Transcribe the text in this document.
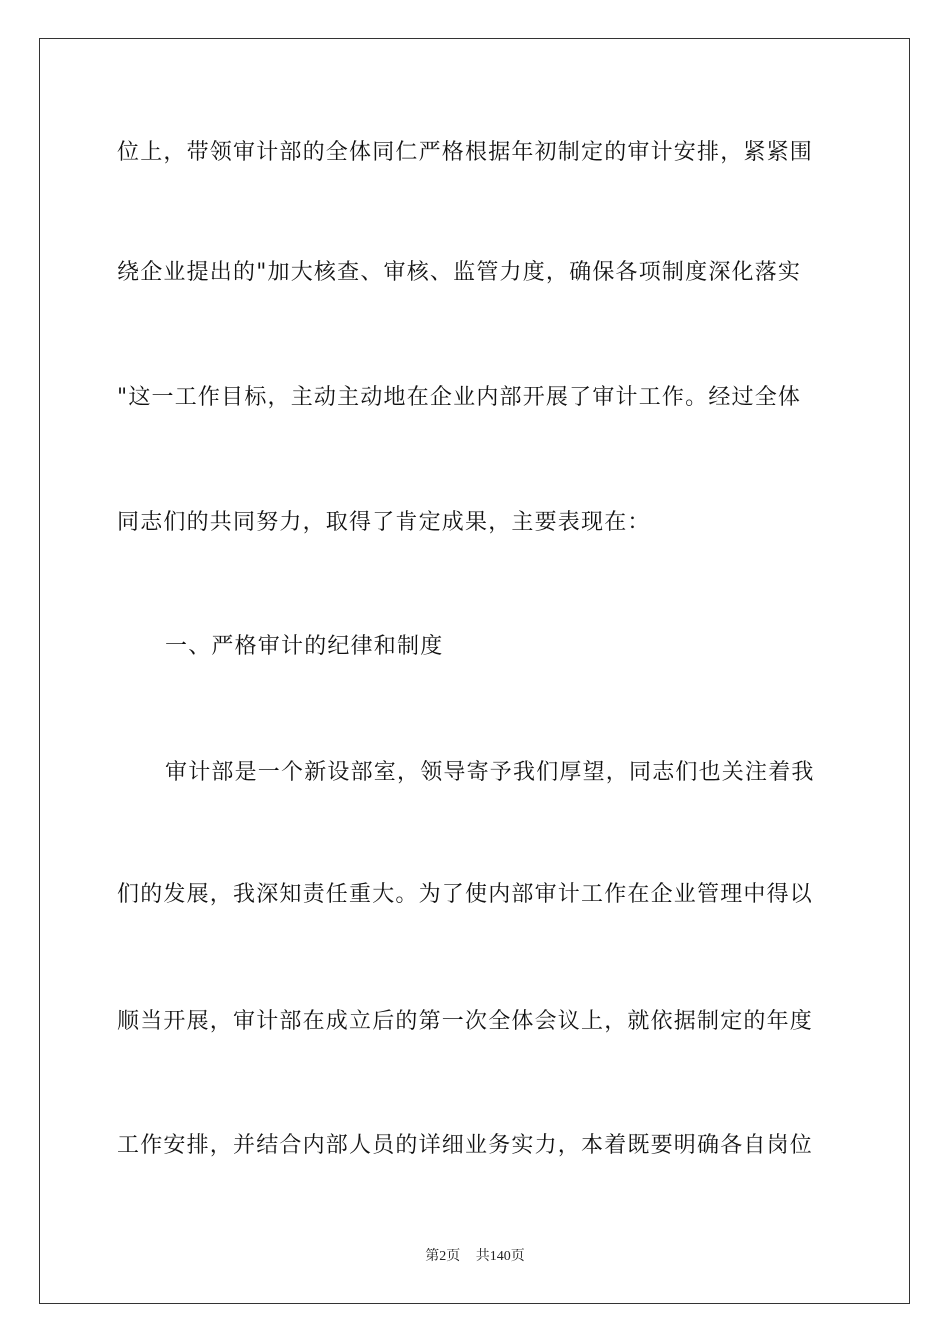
位上，带领审计部的全体同仁严格根据年初制定的审计安排，紧紧围
绕企业提出的"加大核查、审核、监管力度，确保各项制度深化落实
"这一工作目标，主动主动地在企业内部开展了审计工作。经过全体
同志们的共同努力，取得了肯定成果，主要表现在：
一、严格审计的纪律和制度
审计部是一个新设部室，领导寄予我们厚望，同志们也关注着我
们的发展，我深知责任重大。为了使内部审计工作在企业管理中得以
顺当开展，审计部在成立后的第一次全体会议上，就依据制定的年度
工作安排，并结合内部人员的详细业务实力，本着既要明确各自岗位
第2页 共140页
